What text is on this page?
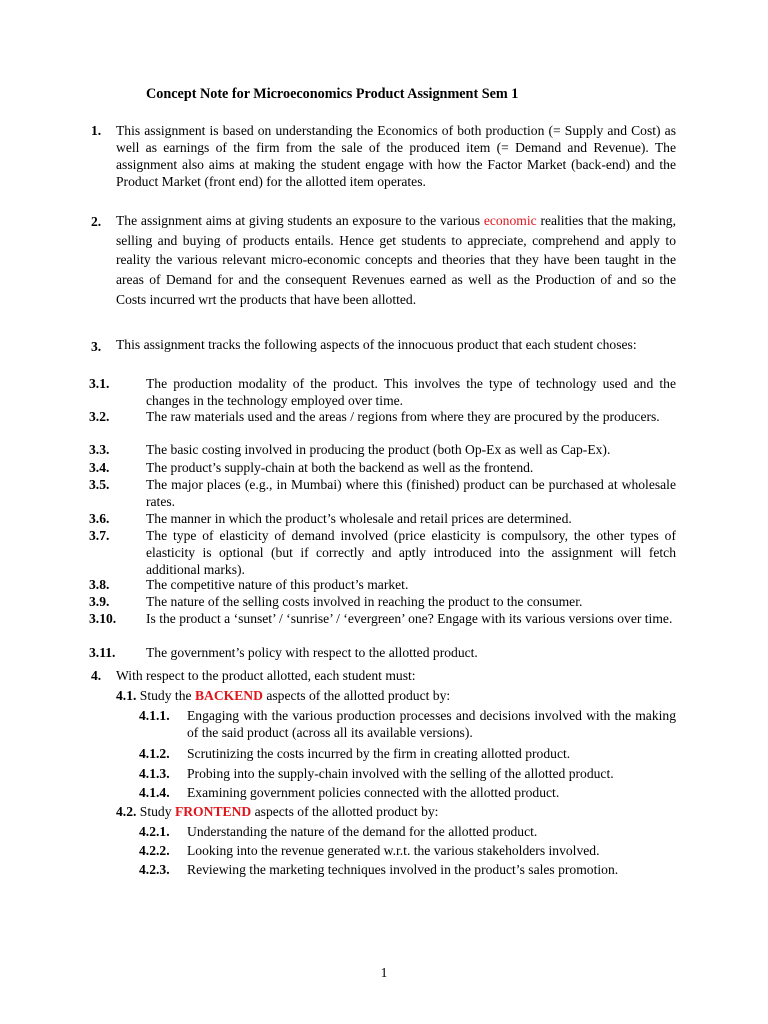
Concept Note for Microeconomics Product Assignment Sem 1
1. This assignment is based on understanding the Economics of both production (= Supply and Cost) as well as earnings of the firm from the sale of the produced item (= Demand and Revenue). The assignment also aims at making the student engage with how the Factor Market (back-end) and the Product Market (front end) for the allotted item operates.
2. The assignment aims at giving students an exposure to the various economic realities that the making, selling and buying of products entails. Hence get students to appreciate, comprehend and apply to reality the various relevant micro-economic concepts and theories that they have been taught in the areas of Demand for and the consequent Revenues earned as well as the Production of and so the Costs incurred wrt the products that have been allotted.
3. This assignment tracks the following aspects of the innocuous product that each student choses:
3.1.	The production modality of the product. This involves the type of technology used and the changes in the technology employed over time.
3.2.	The raw materials used and the areas / regions from where they are procured by the producers.
3.3.	The basic costing involved in producing the product (both Op-Ex as well as Cap-Ex).
3.4.	The product’s supply-chain at both the backend as well as the frontend.
3.5.	The major places (e.g., in Mumbai) where this (finished) product can be purchased at wholesale rates.
3.6.	The manner in which the product’s wholesale and retail prices are determined.
3.7.	The type of elasticity of demand involved (price elasticity is compulsory, the other types of elasticity is optional (but if correctly and aptly introduced into the assignment will fetch additional marks).
3.8.	The competitive nature of this product’s market.
3.9.	The nature of the selling costs involved in reaching the product to the consumer.
3.10. Is the product a ‘sunset’ / ‘sunrise’ / ‘evergreen’ one? Engage with its various versions over time.
3.11. The government’s policy with respect to the allotted product.
4. With respect to the product allotted, each student must:
4.1. Study the BACKEND aspects of the allotted product by:
4.1.1. Engaging with the various production processes and decisions involved with the making of the said product (across all its available versions).
4.1.2. Scrutinizing the costs incurred by the firm in creating allotted product.
4.1.3. Probing into the supply-chain involved with the selling of the allotted product.
4.1.4. Examining government policies connected with the allotted product.
4.2. Study FRONTEND aspects of the allotted product by:
4.2.1. Understanding the nature of the demand for the allotted product.
4.2.2. Looking into the revenue generated w.r.t. the various stakeholders involved.
4.2.3. Reviewing the marketing techniques involved in the product’s sales promotion.
1
